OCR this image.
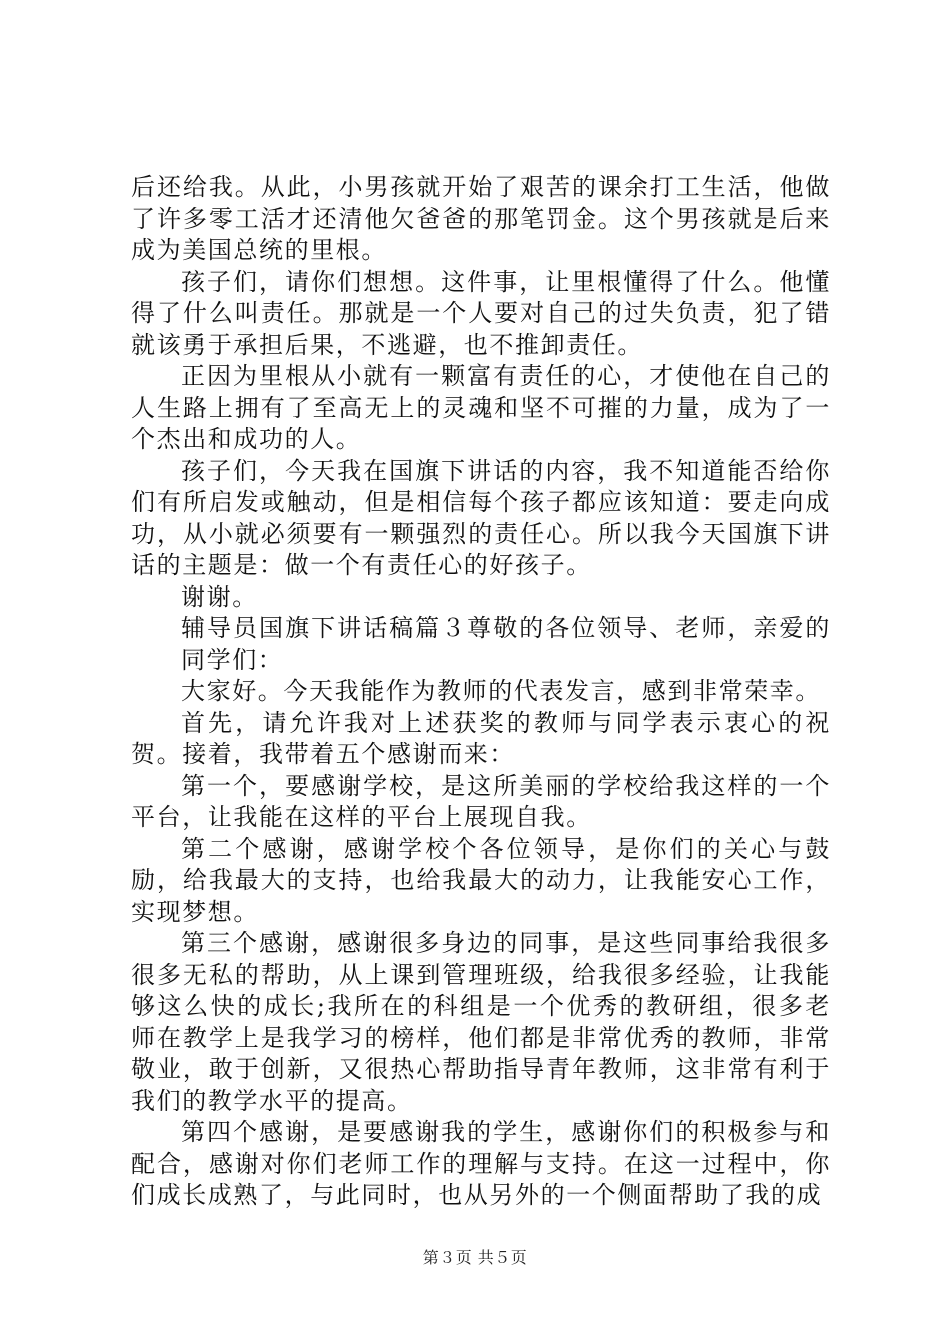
后还给我。从此，小男孩就开始了艰苦的课余打工生活，他做了许多零工活才还清他欠爸爸的那笔罚金。这个男孩就是后来成为美国总统的里根。

孩子们，请你们想想。这件事，让里根懂得了什么。他懂得了什么叫责任。那就是一个人要对自己的过失负责，犯了错就该勇于承担后果，不逃避，也不推卸责任。

正因为里根从小就有一颗富有责任的心，才使他在自己的人生路上拥有了至高无上的灵魂和坚不可摧的力量，成为了一个杰出和成功的人。

孩子们，今天我在国旗下讲话的内容，我不知道能否给你们有所启发或触动，但是相信每个孩子都应该知道：要走向成功，从小就必须要有一颗强烈的责任心。所以我今天国旗下讲话的主题是：做一个有责任心的好孩子。

谢谢。

辅导员国旗下讲话稿篇３尊敬的各位领导、老师，亲爱的同学们：

大家好。今天我能作为教师的代表发言，感到非常荣幸。

首先，请允许我对上述获奖的教师与同学表示衷心的祝贺。接着，我带着五个感谢而来：

第一个，要感谢学校，是这所美丽的学校给我这样的一个平台，让我能在这样的平台上展现自我。

第二个感谢，感谢学校个各位领导，是你们的关心与鼓励，给我最大的支持，也给我最大的动力，让我能安心工作，实现梦想。

第三个感谢，感谢很多身边的同事，是这些同事给我很多很多无私的帮助，从上课到管理班级，给我很多经验，让我能够这么快的成长;我所在的科组是一个优秀的教研组，很多老师在教学上是我学习的榜样，他们都是非常优秀的教师，非常敬业，敢于创新，又很热心帮助指导青年教师，这非常有利于我们的教学水平的提高。

第四个感谢，是要感谢我的学生，感谢你们的积极参与和配合，感谢对你们老师工作的理解与支持。在这一过程中，你们成长成熟了，与此同时，也从另外的一个侧面帮助了我的成

第３页 共５页
